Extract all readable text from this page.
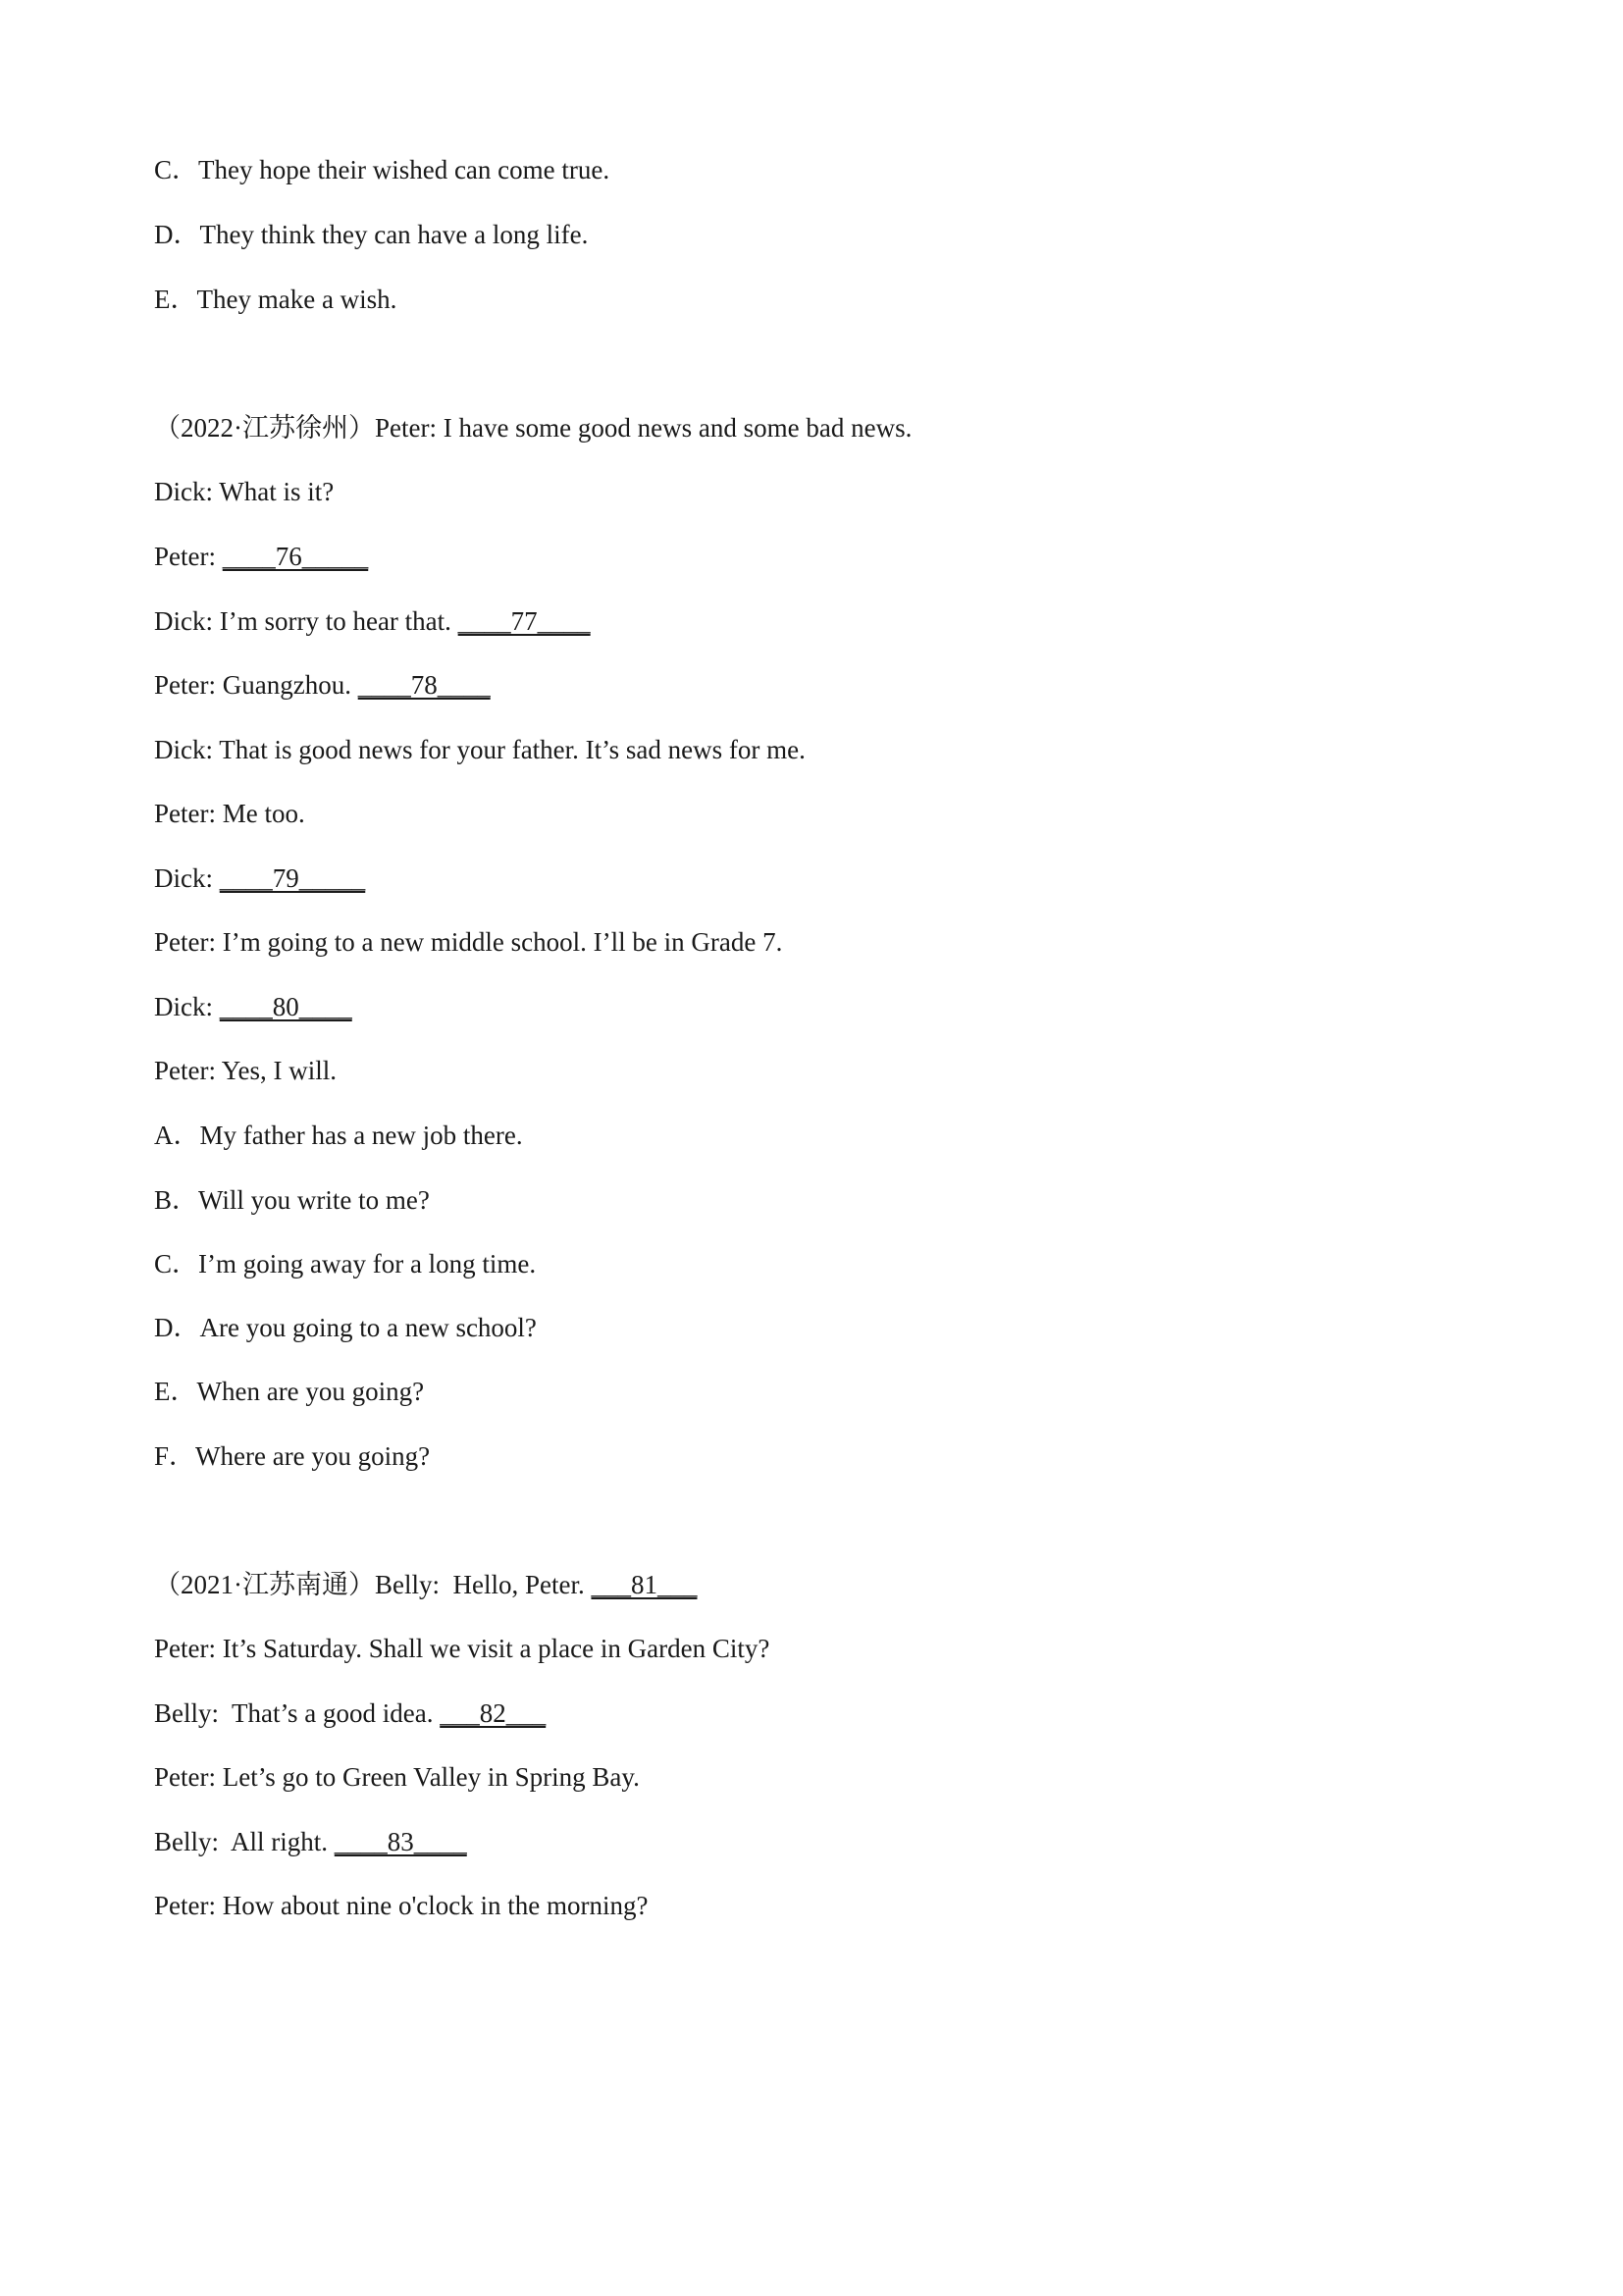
C．They hope their wished can come true.
D．They think they can have a long life.
E．They make a wish.
（2022·江苏徐州）Peter: I have some good news and some bad news.
Dick: What is it?
Peter: ____76_____
Dick: I’m sorry to hear that. ____77____
Peter: Guangzhou. ____78____
Dick: That is good news for your father. It’s sad news for me.
Peter: Me too.
Dick: ____79_____
Peter: I’m going to a new middle school. I’ll be in Grade 7.
Dick: ____80____
Peter: Yes, I will.
A．My father has a new job there.
B．Will you write to me?
C．I’m going away for a long time.
D．Are you going to a new school?
E．When are you going?
F．Where are you going?
（2021·江苏南通）Belly:  Hello, Peter. ___81___
Peter: It’s Saturday. Shall we visit a place in Garden City?
Belly:  That’s a good idea. ___82___
Peter: Let’s go to Green Valley in Spring Bay.
Belly:  All right. ____83____
Peter: How about nine o'clock in the morning?
